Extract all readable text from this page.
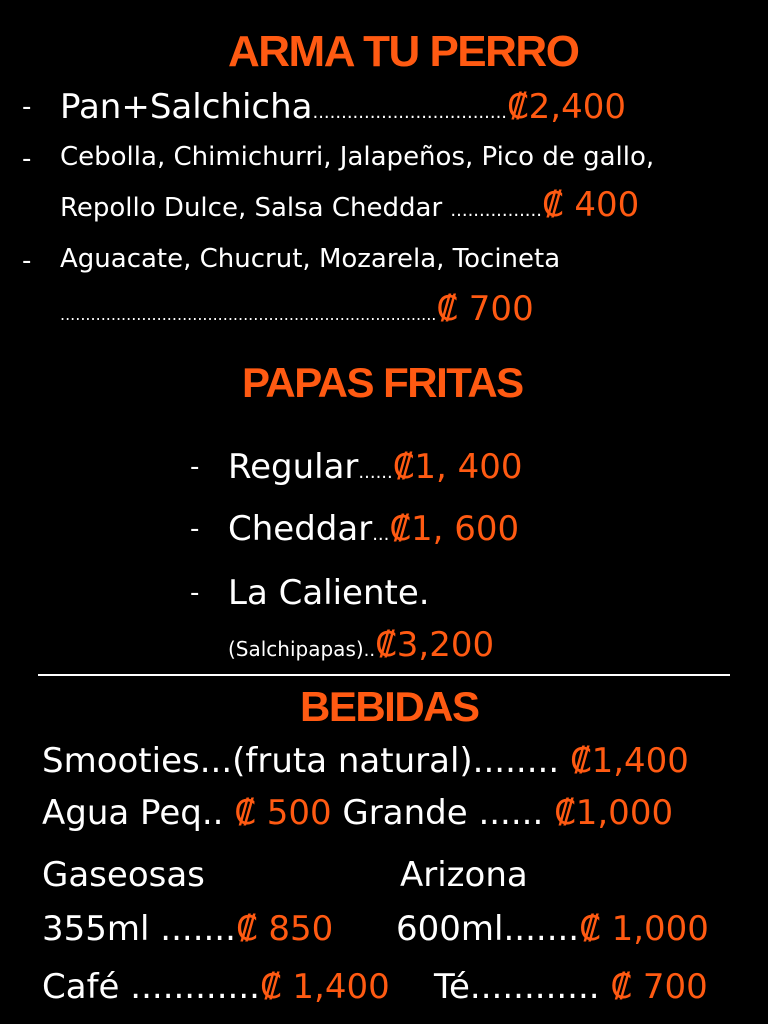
ARMA TU PERRO
- Pan+Salchicha..................................₡2,400
- Cebolla, Chimichurri, Jalapeños, Pico de gallo,
Repollo Dulce, Salsa Cheddar ................₡ 400
- Aguacate, Chucrut, Mozarela, Tocineta
..........................................................................₡ 700
PAPAS FRITAS
- Regular......₡1, 400
- Cheddar...₡1, 600
- La Caliente.
(Salchipapas)..₡3,200
BEBIDAS
Smooties...(fruta natural)........ ₡1,400
Agua Peq.. ₡ 500 Grande ...... ₡1,000
Gaseosas	Arizona
355ml .......₡ 850 600ml.......₡ 1,000
Café ............₡ 1,400 Té............ ₡ 700
